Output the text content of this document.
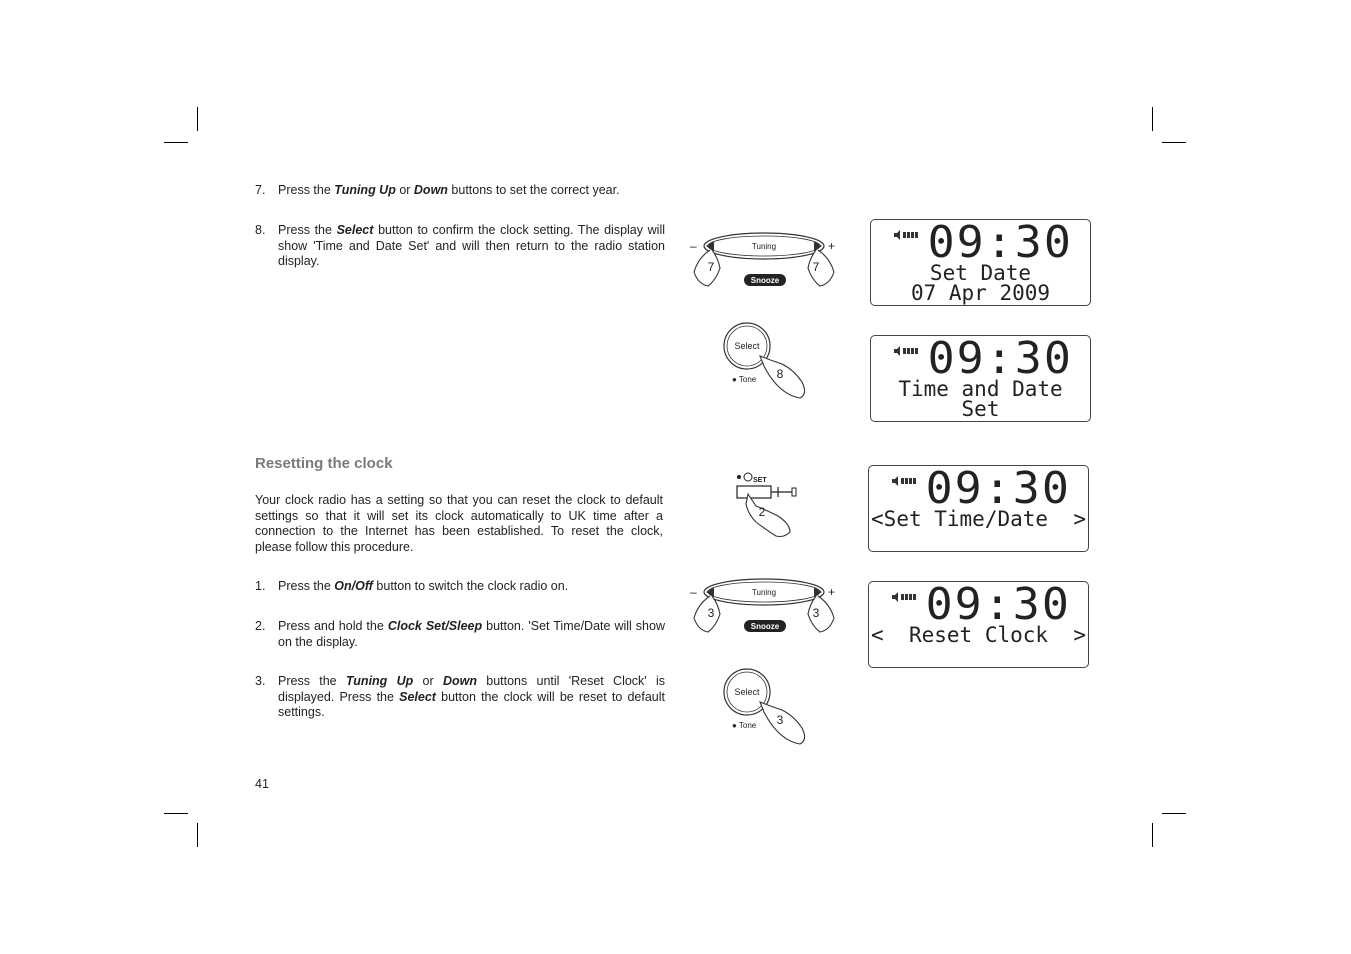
7. Press the Tuning Up or Down buttons to set the correct year.
8. Press the Select button to confirm the clock setting. The display will show 'Time and Date Set' and will then return to the radio station display.
Resetting the clock
Your clock radio has a setting so that you can reset the clock to default settings so that it will set its clock automatically to UK time after a connection to the Internet has been established. To reset the clock, please follow this procedure.
1. Press the On/Off button to switch the clock radio on.
2. Press and hold the Clock Set/Sleep button. 'Set Time/Date will show on the display.
3. Press the Tuning Up or Down buttons until 'Reset Clock' is displayed. Press the Select button the clock will be reset to default settings.
41
–	+
Tuning
7	7
Snooze
09:30
Set Date
07 Apr 2009
Select
● Tone 8	09:30
Time and Date
Set
SET
2	09:30
<Set Time/Date  >
–	+
Tuning
3	3
Snooze	09:30
<  Reset Clock  >
Select
● Tone 3
